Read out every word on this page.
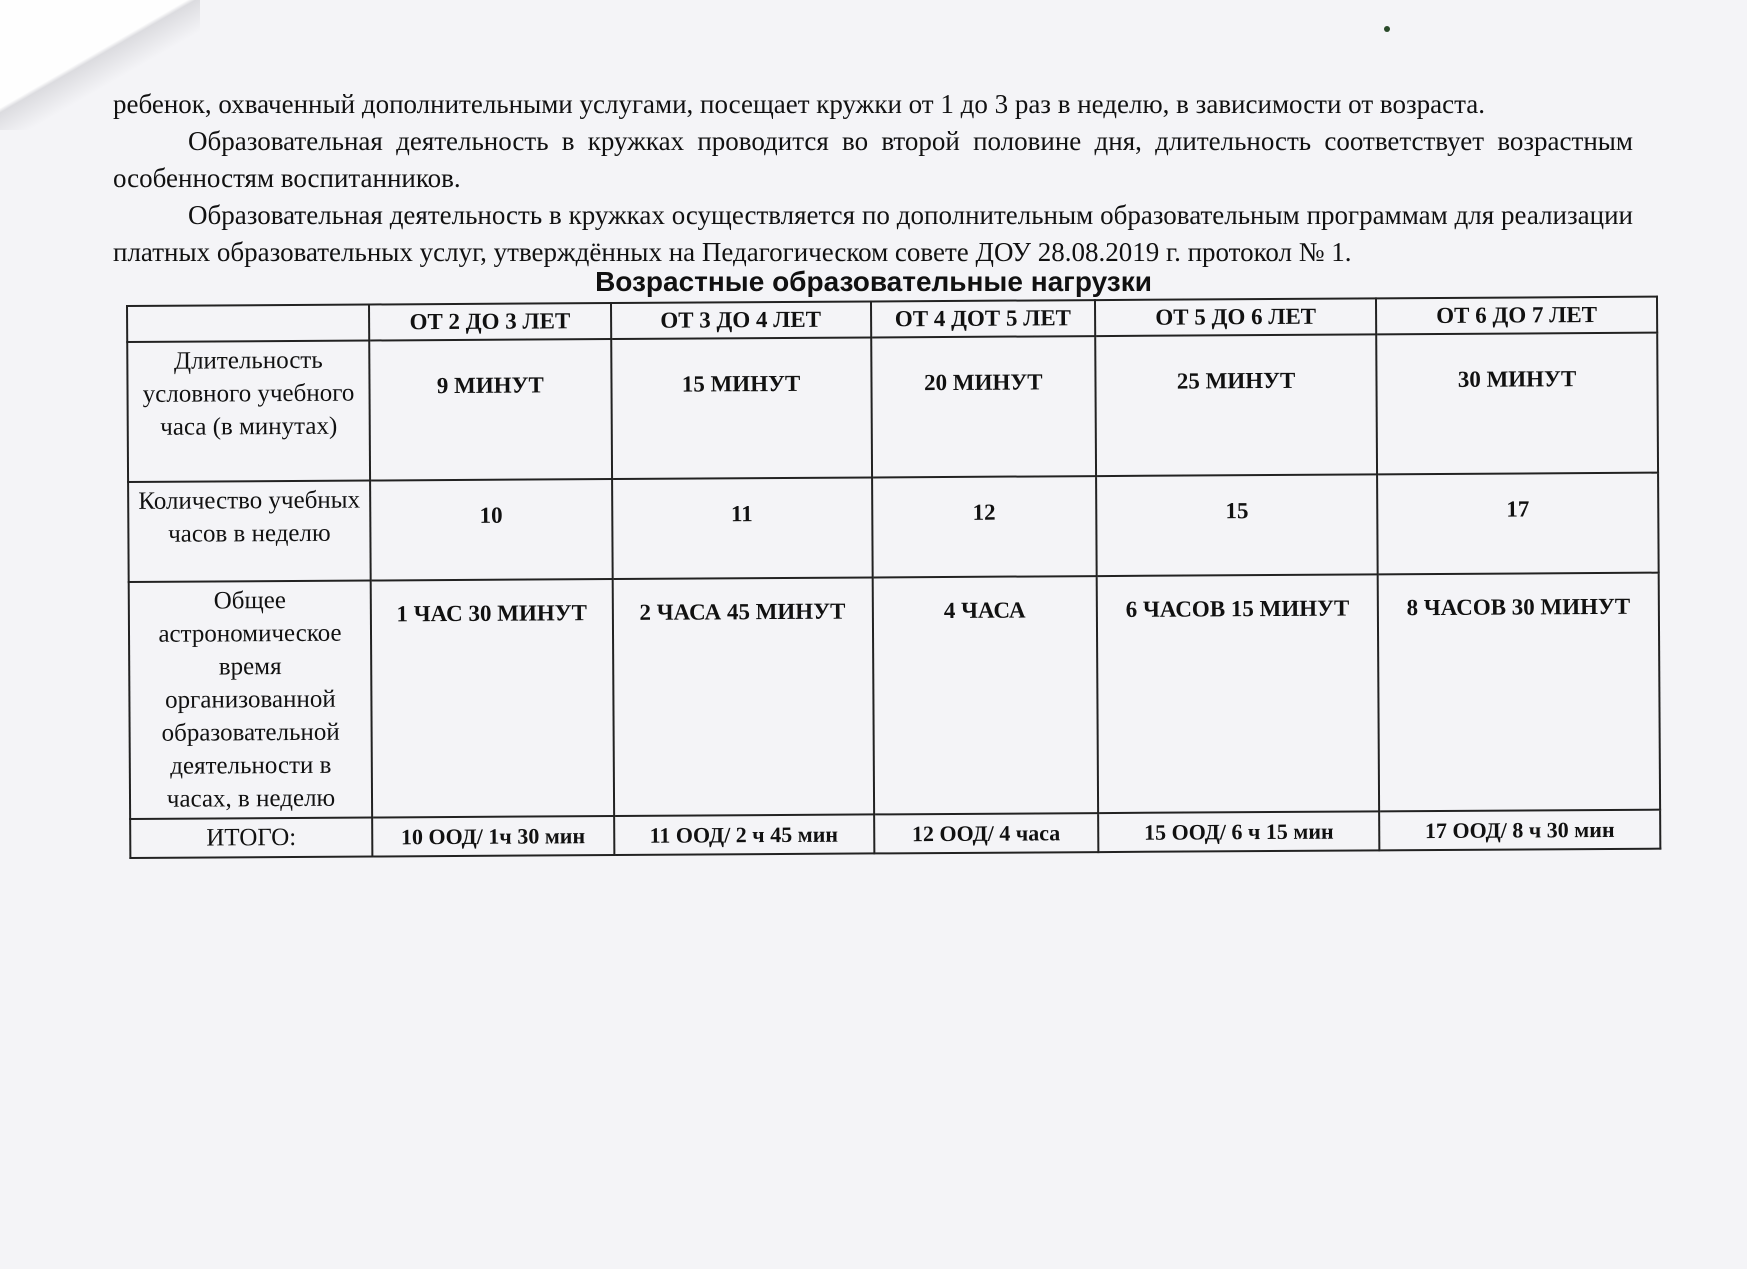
ребенок, охваченный дополнительными услугами, посещает кружки от 1 до 3 раз в неделю, в зависимости от возраста.

Образовательная деятельность в кружках проводится во второй половине дня, длительность соответствует возрастным особенностям воспитанников.

Образовательная деятельность в кружках осуществляется по дополнительным образовательным программам для реализации платных образовательных услуг, утверждённых на Педагогическом совете ДОУ 28.08.2019 г. протокол № 1.

Возрастные образовательные нагрузки
	ОТ 2 ДО 3 ЛЕТ	ОТ 3 ДО 4 ЛЕТ	ОТ 4 ДОТ 5 ЛЕТ	ОТ 5 ДО 6 ЛЕТ	ОТ 6 ДО 7 ЛЕТ
Длительность условного учебного часа (в минутах)	9 МИНУТ	15 МИНУТ	20 МИНУТ	25 МИНУТ	30 МИНУТ
Количество учебных часов в неделю	10	11	12	15	17
Общее астрономическое время организованной образовательной деятельности в часах, в неделю	1 ЧАС 30 МИНУТ	2 ЧАСА 45 МИНУТ	4 ЧАСА	6 ЧАСОВ 15 МИНУТ	8 ЧАСОВ 30 МИНУТ
ИТОГО:	10 ООД/ 1ч 30 мин	11 ООД/ 2 ч 45 мин	12 ООД/ 4 часа	15 ООД/ 6 ч 15 мин	17 ООД/ 8 ч 30 мин
